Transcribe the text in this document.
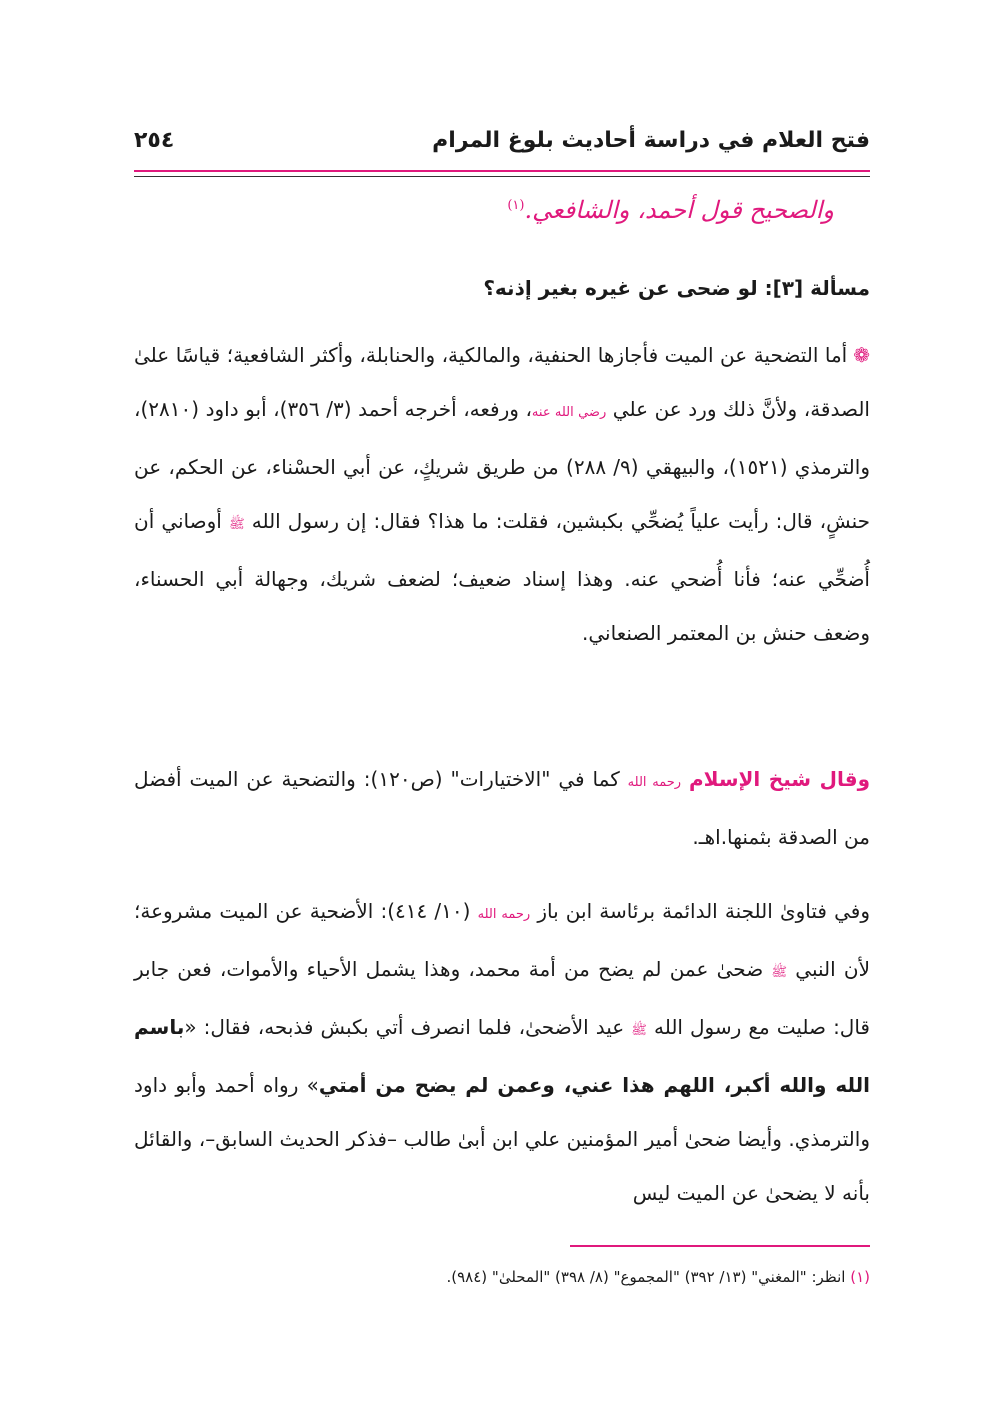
فتح العلام في دراسة أحاديث بلوغ المرام
٢٥٤
والصحيح قول أحمد، والشافعي.$^{(١)}$
مسألة [٣]: لو ضحى عن غيره بغير إذنه؟
❁أما التضحية عن الميت فأجازها الحنفية، والمالكية، والحنابلة، وأكثر الشافعية؛ قياسًا علىٰ الصدقة، ولأنَّ ذلك ورد عن علي رضي الله عنه، ورفعه، أخرجه أحمد (٣/ ٣٥٦)، أبو داود (٢٨١٠)، والترمذي (١٥٢١)، والبيهقي (٩/ ٢٨٨) من طريق شريكٍ، عن أبي الحسْناء، عن الحكم، عن حنشٍ، قال: رأيت علياً يُضحِّي بكبشين، فقلت: ما هذا؟ فقال: إن رسول الله ﷺ أوصاني أن أُضحِّي عنه؛ فأنا أُضحي عنه. وهذا إسناد ضعيف؛ لضعف شريك، وجهالة أبي الحسناء، وضعف حنش بن المعتمر الصنعاني.
وقال شيخ الإسلام رحمه الله كما في "الاختيارات" (ص١٢٠): والتضحية عن الميت أفضل من الصدقة بثمنها.اهـ.
وفي فتاوىٰ اللجنة الدائمة برئاسة ابن باز رحمه الله (١٠/ ٤١٤): الأضحية عن الميت مشروعة؛ لأن النبي ﷺ ضحىٰ عمن لم يضح من أمة محمد، وهذا يشمل الأحياء والأموات، فعن جابر قال: صليت مع رسول الله ﷺ عيد الأضحىٰ، فلما انصرف أتي بكبش فذبحه، فقال: «باسم الله والله أكبر، اللهم هذا عني، وعمن لم يضح من أمتي» رواه أحمد وأبو داود والترمذي. وأيضا ضحىٰ أمير المؤمنين علي ابن أبىٰ طالب –فذكر الحديث السابق–، والقائل بأنه لا يضحىٰ عن الميت ليس
(١) انظر: "المغني" (١٣/ ٣٩٢) "المجموع" (٨/ ٣٩٨) "المحلىٰ" (٩٨٤).
